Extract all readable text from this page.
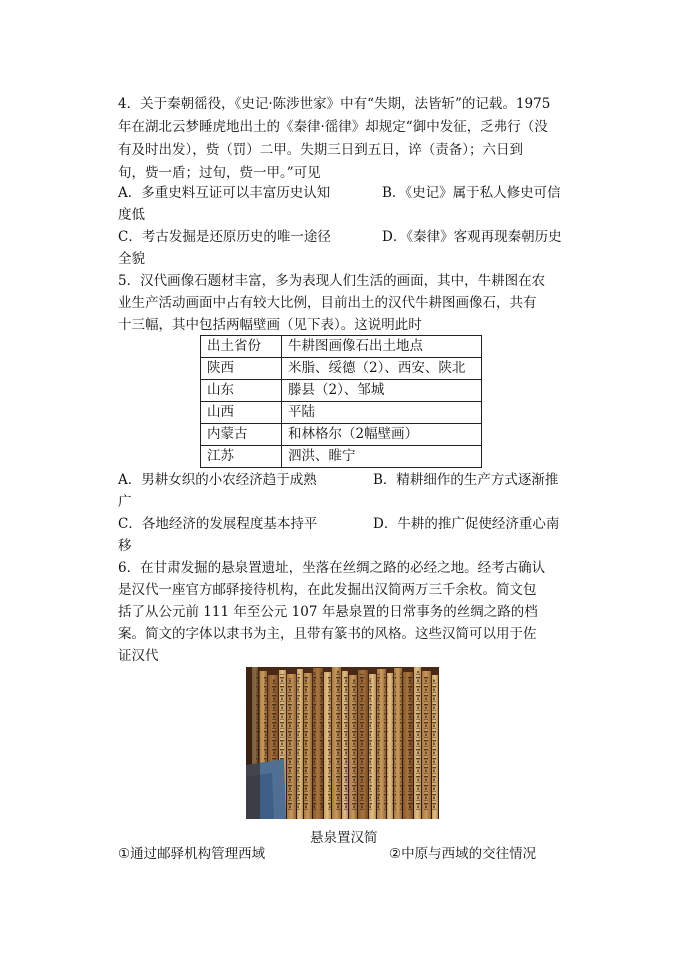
4．关于秦朝徭役，《史记·陈涉世家》中有“失期，法皆斩”的记载。1975
年在湖北云梦睡虎地出土的《秦律·徭律》却规定“御中发征，乏弗行（没
有及时出发），赀（罚）二甲。失期三日到五日，谇（责备）；六日到
旬，赀一盾；过旬，赀一甲。”可见
A．多重史料互证可以丰富历史认知	B．《史记》属于私人修史可信
度低
C．考古发掘是还原历史的唯一途径	D．《秦律》客观再现秦朝历史
全貌
5．汉代画像石题材丰富，多为表现人们生活的画面，其中，牛耕图在农
业生产活动画面中占有较大比例，目前出土的汉代牛耕图画像石，共有
十三幅，其中包括两幅壁画（见下表）。这说明此时
出土省份	牛耕图画像石出土地点
陕西	米脂、绥德（2）、西安、陕北
山东	滕县（2）、邹城
山西	平陆
内蒙古	和林格尔（2幅壁画）
江苏	泗洪、睢宁
A．男耕女织的小农经济趋于成熟	B．精耕细作的生产方式逐渐推
广
C．各地经济的发展程度基本持平	D．牛耕的推广促使经济重心南
移
6．在甘肃发掘的悬泉置遗址，坐落在丝绸之路的必经之地。经考古确认
是汉代一座官方邮驿接待机构，在此发掘出汉简两万三千余枚。简文包
括了从公元前 111 年至公元 107 年悬泉置的日常事务的丝绸之路的档
案。简文的字体以隶书为主，且带有篆书的风格。这些汉简可以用于佐
证汉代
悬泉置汉简
①通过邮驿机构管理西域	②中原与西域的交往情况
